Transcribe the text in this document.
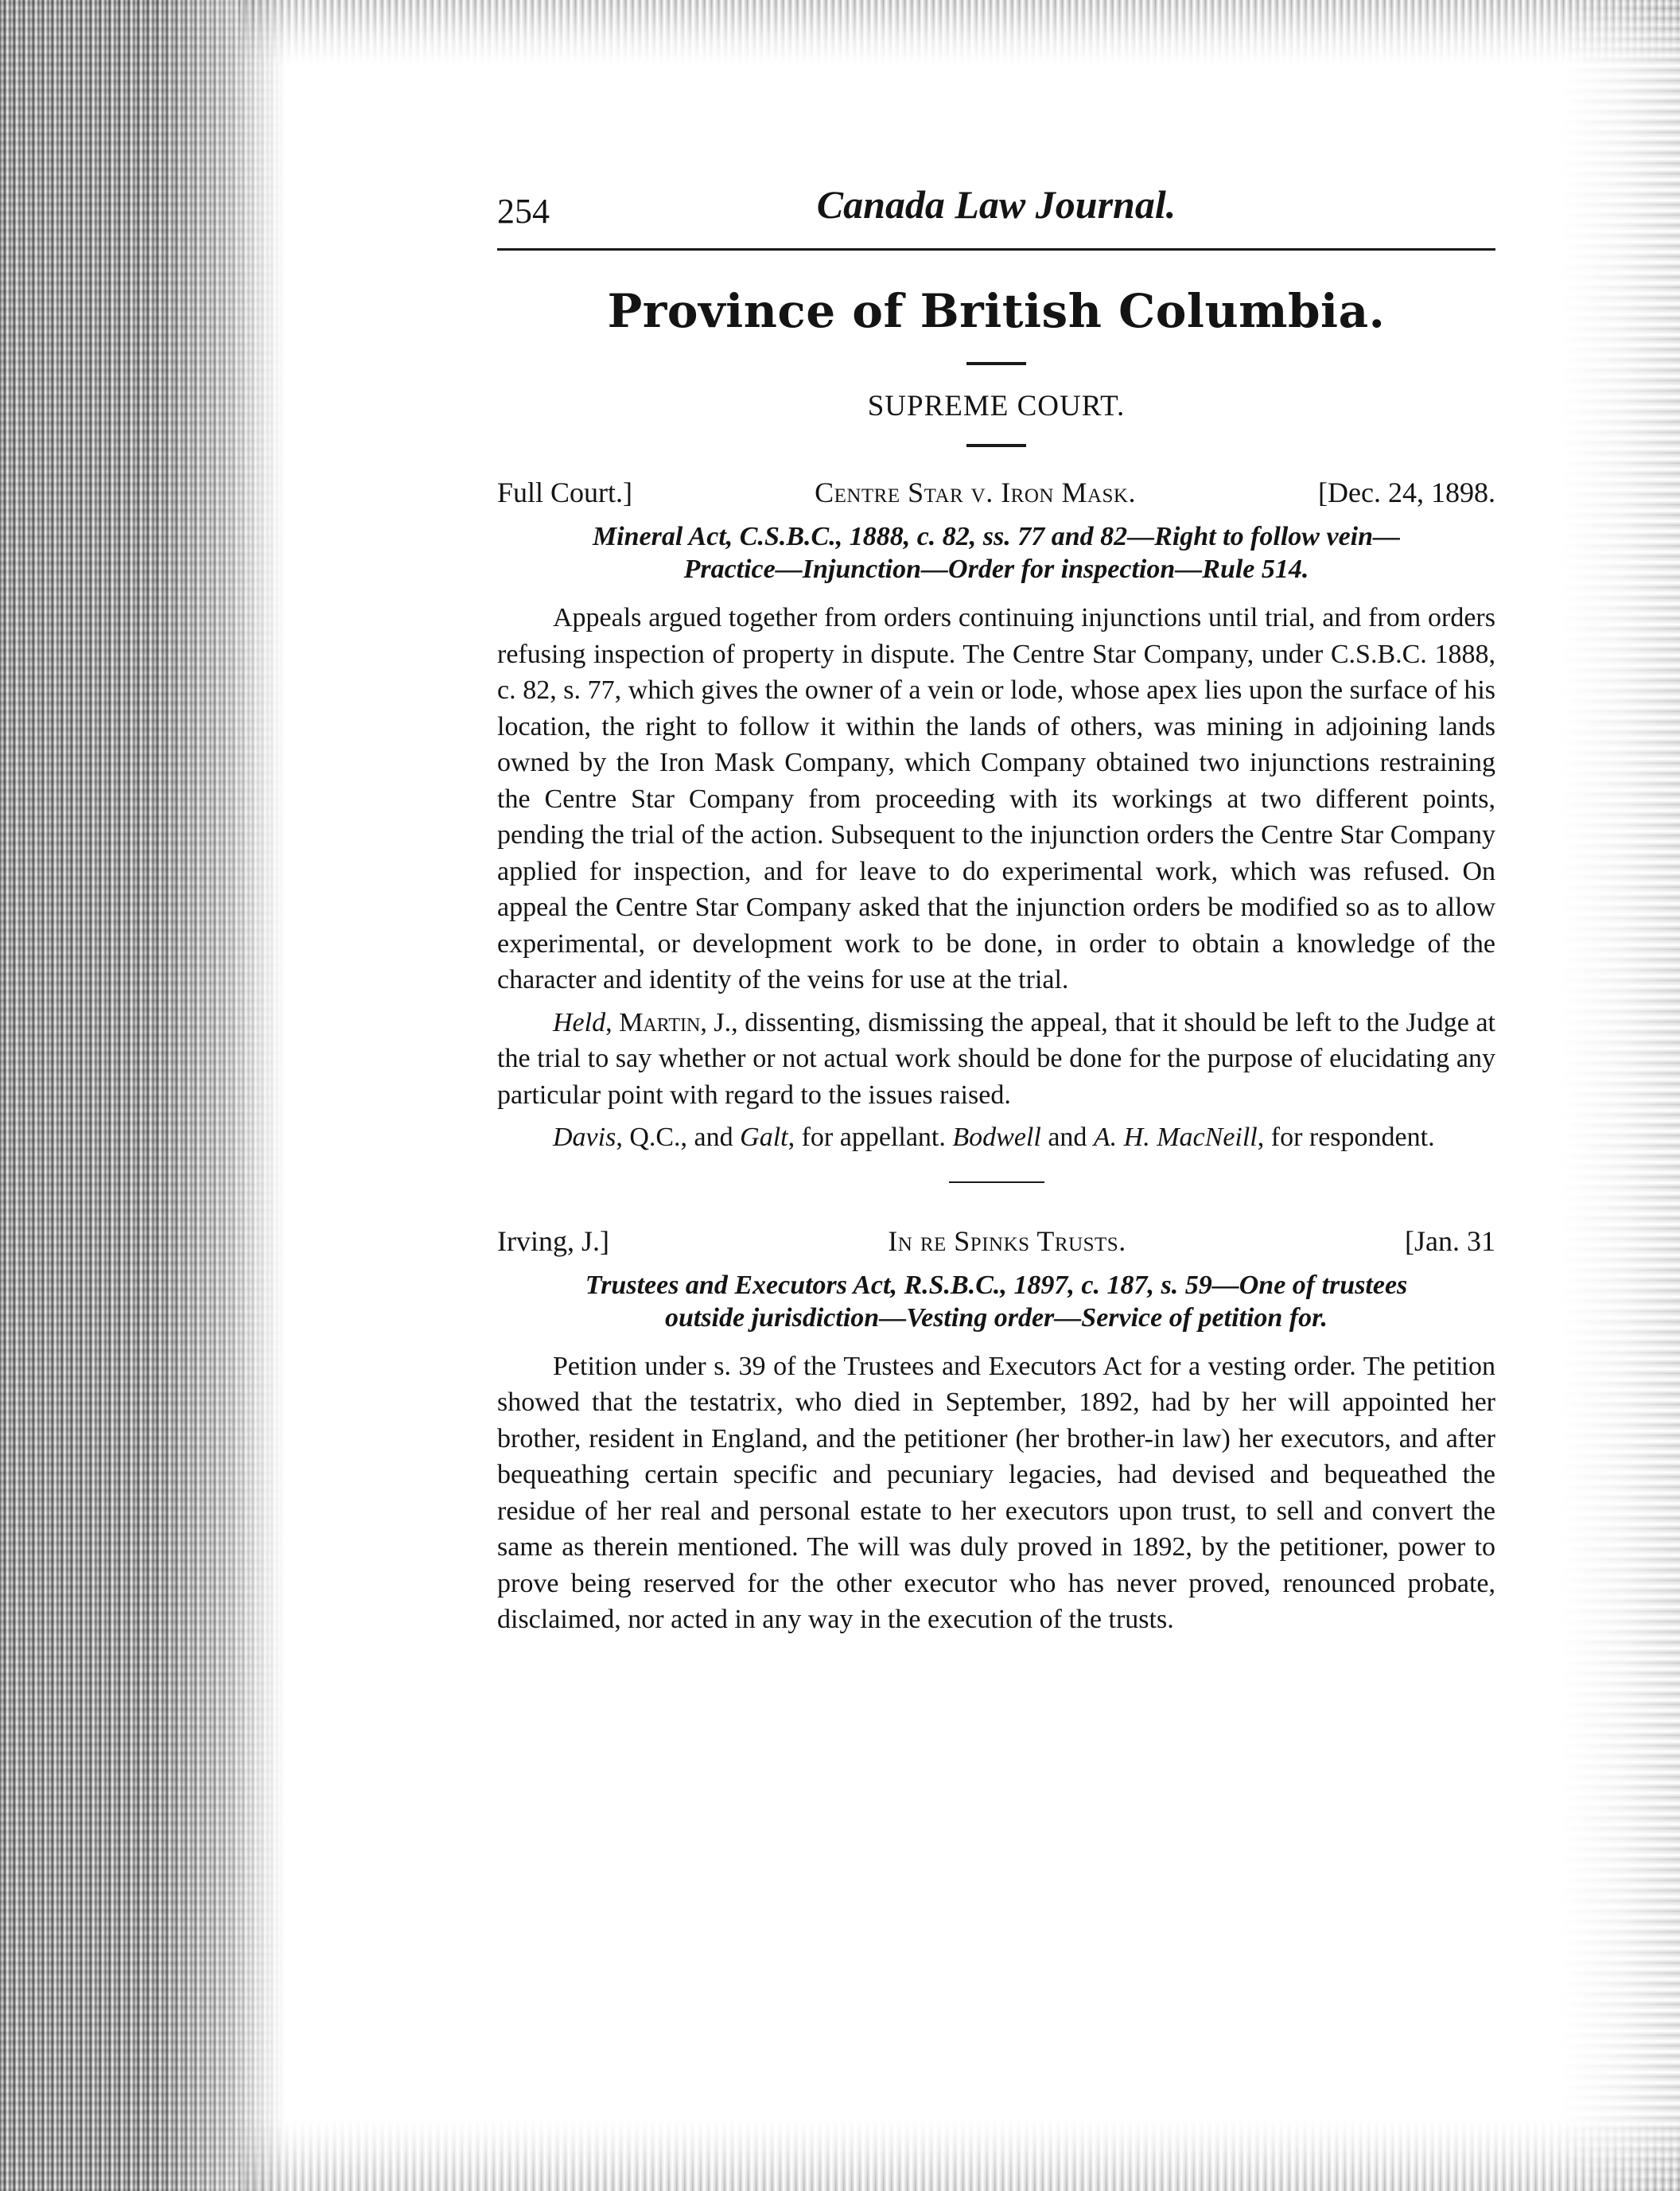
254	Canada Law Journal.
Province of British Columbia.
SUPREME COURT.
Full Court.]	Centre Star v. Iron Mask.	[Dec. 24, 1898.
Mineral Act, C.S.B.C., 1888, c. 82, ss. 77 and 82—Right to follow vein—
Practice—Injunction—Order for inspection—Rule 514.

Appeals argued together from orders continuing injunctions until trial, and from orders refusing inspection of property in dispute. The Centre Star Company, under C.S.B.C. 1888, c. 82, s. 77, which gives the owner of a vein or lode, whose apex lies upon the surface of his location, the right to follow it within the lands of others, was mining in adjoining lands owned by the Iron Mask Company, which Company obtained two injunctions restraining the Centre Star Company from proceeding with its workings at two different points, pending the trial of the action. Subsequent to the injunction orders the Centre Star Company applied for inspection, and for leave to do experimental work, which was refused. On appeal the Centre Star Company asked that the injunction orders be modified so as to allow experimental, or development work to be done, in order to obtain a knowledge of the character and identity of the veins for use at the trial.

Held, Martin, J., dissenting, dismissing the appeal, that it should be left to the Judge at the trial to say whether or not actual work should be done for the purpose of elucidating any particular point with regard to the issues raised.

Davis, Q.C., and Galt, for appellant. Bodwell and A. H. MacNeill, for respondent.

Irving, J.]	In re Spinks Trusts.	[Jan. 31
Trustees and Executors Act, R.S.B.C., 1897, c. 187, s. 59—One of trustees
outside jurisdiction—Vesting order—Service of petition for.

Petition under s. 39 of the Trustees and Executors Act for a vesting order. The petition showed that the testatrix, who died in September, 1892, had by her will appointed her brother, resident in England, and the petitioner (her brother-in law) her executors, and after bequeathing certain specific and pecuniary legacies, had devised and bequeathed the residue of her real and personal estate to her executors upon trust, to sell and convert the same as therein mentioned. The will was duly proved in 1892, by the petitioner, power to prove being reserved for the other executor who has never proved, renounced probate, disclaimed, nor acted in any way in the execution of the trusts.
